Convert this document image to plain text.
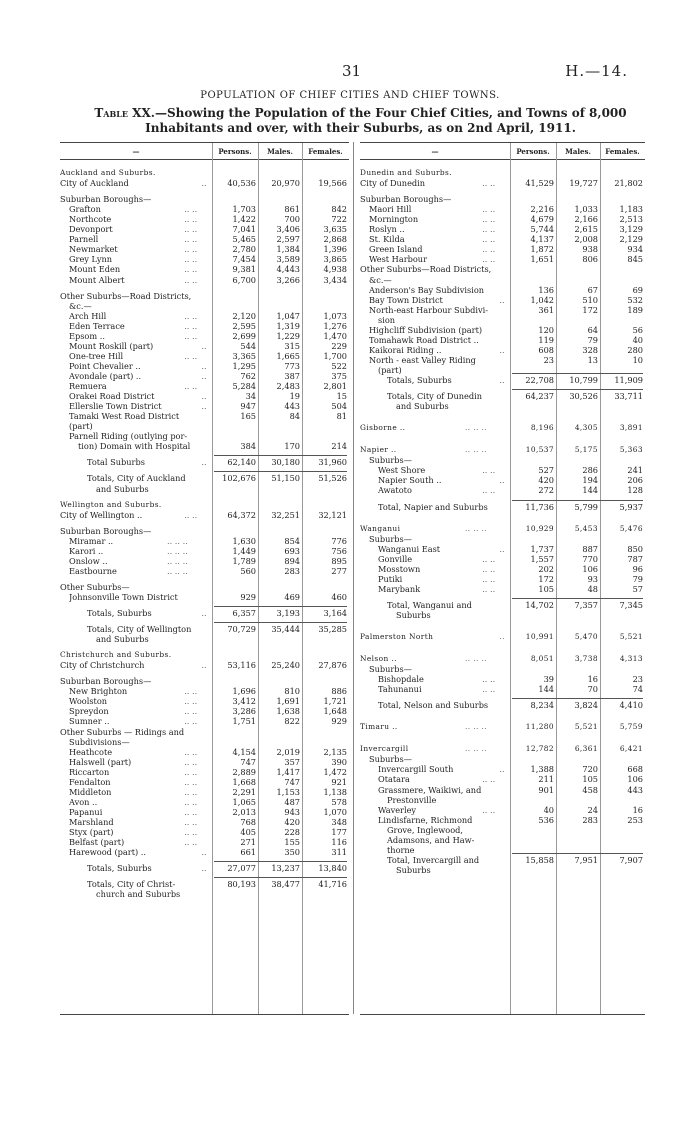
31	H.—14.
POPULATION OF CHIEF CITIES AND CHIEF TOWNS.
Table XX.—Showing the Population of the Four Chief Cities, and Towns of 8,000 Inhabitants and over, with their Suburbs, as on 2nd April, 1911.
—	Persons.	Males.	Females.
Auckland and Suburbs.
City of Auckland	..	40,536	20,970	19,566
Suburban Boroughs—
Grafton	.. ..	1,703	861	842
Northcote	.. ..	1,422	700	722
Devonport	.. ..	7,041	3,406	3,635
Parnell	.. ..	5,465	2,597	2,868
Newmarket	.. ..	2,780	1,384	1,396
Grey Lynn	.. ..	7,454	3,589	3,865
Mount Eden	.. ..	9,381	4,443	4,938
Mount Albert	.. ..	6,700	3,266	3,434
Other Suburbs—Road Districts,
&c.—
Arch Hill	.. ..	2,120	1,047	1,073
Eden Terrace	.. ..	2,595	1,319	1,276
Epsom ..	.. ..	2,699	1,229	1,470
Mount Roskill (part)	..	544	315	229
One-tree Hill	.. ..	3,365	1,665	1,700
Point Chevalier ..	..	1,295	773	522
Avondale (part) ..	..	762	387	375
Remuera	.. ..	5,284	2,483	2,801
Orakei Road District	..	34	19	15
Ellerslie Town District	..	947	443	504
Tamaki West Road District	165	84	81
(part)
Parnell Riding (outlying por-
tion) Domain with Hospital	384	170	214
Total Suburbs	..	62,140	30,180	31,960
Totals, City of Auckland	102,676	51,150	51,526
and Suburbs
Wellington and Suburbs.
City of Wellington ..	.. ..	64,372	32,251	32,121
Suburban Boroughs—
Miramar ..	.. .. ..	1,630	854	776
Karori ..	.. .. ..	1,449	693	756
Onslow ..	.. .. ..	1,789	894	895
Eastbourne	.. .. ..	560	283	277
Other Suburbs—
Johnsonville Town District	929	469	460
Totals, Suburbs	..	6,357	3,193	3,164
Totals, City of Wellington	70,729	35,444	35,285
and Suburbs
Christchurch and Suburbs.
City of Christchurch	..	53,116	25,240	27,876
Suburban Boroughs—
New Brighton	.. ..	1,696	810	886
Woolston	.. ..	3,412	1,691	1,721
Spreydon	.. ..	3,286	1,638	1,648
Sumner ..	.. ..	1,751	822	929
Other Suburbs — Ridings and
Subdivisions—
Heathcote	.. ..	4,154	2,019	2,135
Halswell (part)	.. ..	747	357	390
Riccarton	.. ..	2,889	1,417	1,472
Fendalton	.. ..	1,668	747	921
Middleton	.. ..	2,291	1,153	1,138
Avon ..	.. ..	1,065	487	578
Papanui	.. ..	2,013	943	1,070
Marshland	.. ..	768	420	348
Styx (part)	.. ..	405	228	177
Belfast (part)	.. ..	271	155	116
Harewood (part) ..	..	661	350	311
Totals, Suburbs	..	27,077	13,237	13,840
Totals, City of Christ-	80,193	38,477	41,716
church and Suburbs
—	Persons.	Males.	Females.
Dunedin and Suburbs.
City of Dunedin	.. ..	41,529	19,727	21,802
Suburban Boroughs—
Maori Hill	.. ..	2,216	1,033	1,183
Mornington	.. ..	4,679	2,166	2,513
Roslyn ..	.. ..	5,744	2,615	3,129
St. Kilda	.. ..	4,137	2,008	2,129
Green Island	.. ..	1,872	938	934
West Harbour	.. ..	1,651	806	845
Other Suburbs—Road Districts,
&c.—
Anderson's Bay Subdivision	136	67	69
Bay Town District	..	1,042	510	532
North-east Harbour Subdivi-	361	172	189
sion
Highcliff Subdivision (part)	120	64	56
Tomahawk Road District ..	119	79	40
Kaikorai Riding ..	..	608	328	280
North - east Valley Riding	23	13	10
(part)
Totals, Suburbs	..	22,708	10,799	11,909
Totals, City of Dunedin	64,237	30,526	33,711
and Suburbs
Gisborne ..	.. .. ..	8,196	4,305	3,891
Napier ..	.. .. ..	10,537	5,175	5,363
Suburbs—
West Shore	.. ..	527	286	241
Napier South ..	..	420	194	206
Awatoto	.. ..	272	144	128
Total, Napier and Suburbs	11,736	5,799	5,937
Wanganui	.. .. ..	10,929	5,453	5,476
Suburbs—
Wanganui East	..	1,737	887	850
Gonville	.. ..	1,557	770	787
Mosstown	.. ..	202	106	96
Putiki	.. ..	172	93	79
Marybank	.. ..	105	48	57
Total, Wanganui and	14,702	7,357	7,345
Suburbs
Palmerston North	..	10,991	5,470	5,521
Nelson ..	.. .. ..	8,051	3,738	4,313
Suburbs—
Bishopdale	.. ..	39	16	23
Tahunanui	.. ..	144	70	74
Total, Nelson and Suburbs	8,234	3,824	4,410
Timaru ..	.. .. ..	11,280	5,521	5,759
Invercargill	.. .. ..	12,782	6,361	6,421
Suburbs—
Invercargill South	..	1,388	720	668
Otatara	.. ..	211	105	106
Grassmere, Waikiwi, and	901	458	443
Prestonville
Waverley	.. ..	40	24	16
Lindisfarne, Richmond	536	283	253
Grove, Inglewood,
Adamsons, and Haw-
thorne
Total, Invercargill and	15,858	7,951	7,907
Suburbs
